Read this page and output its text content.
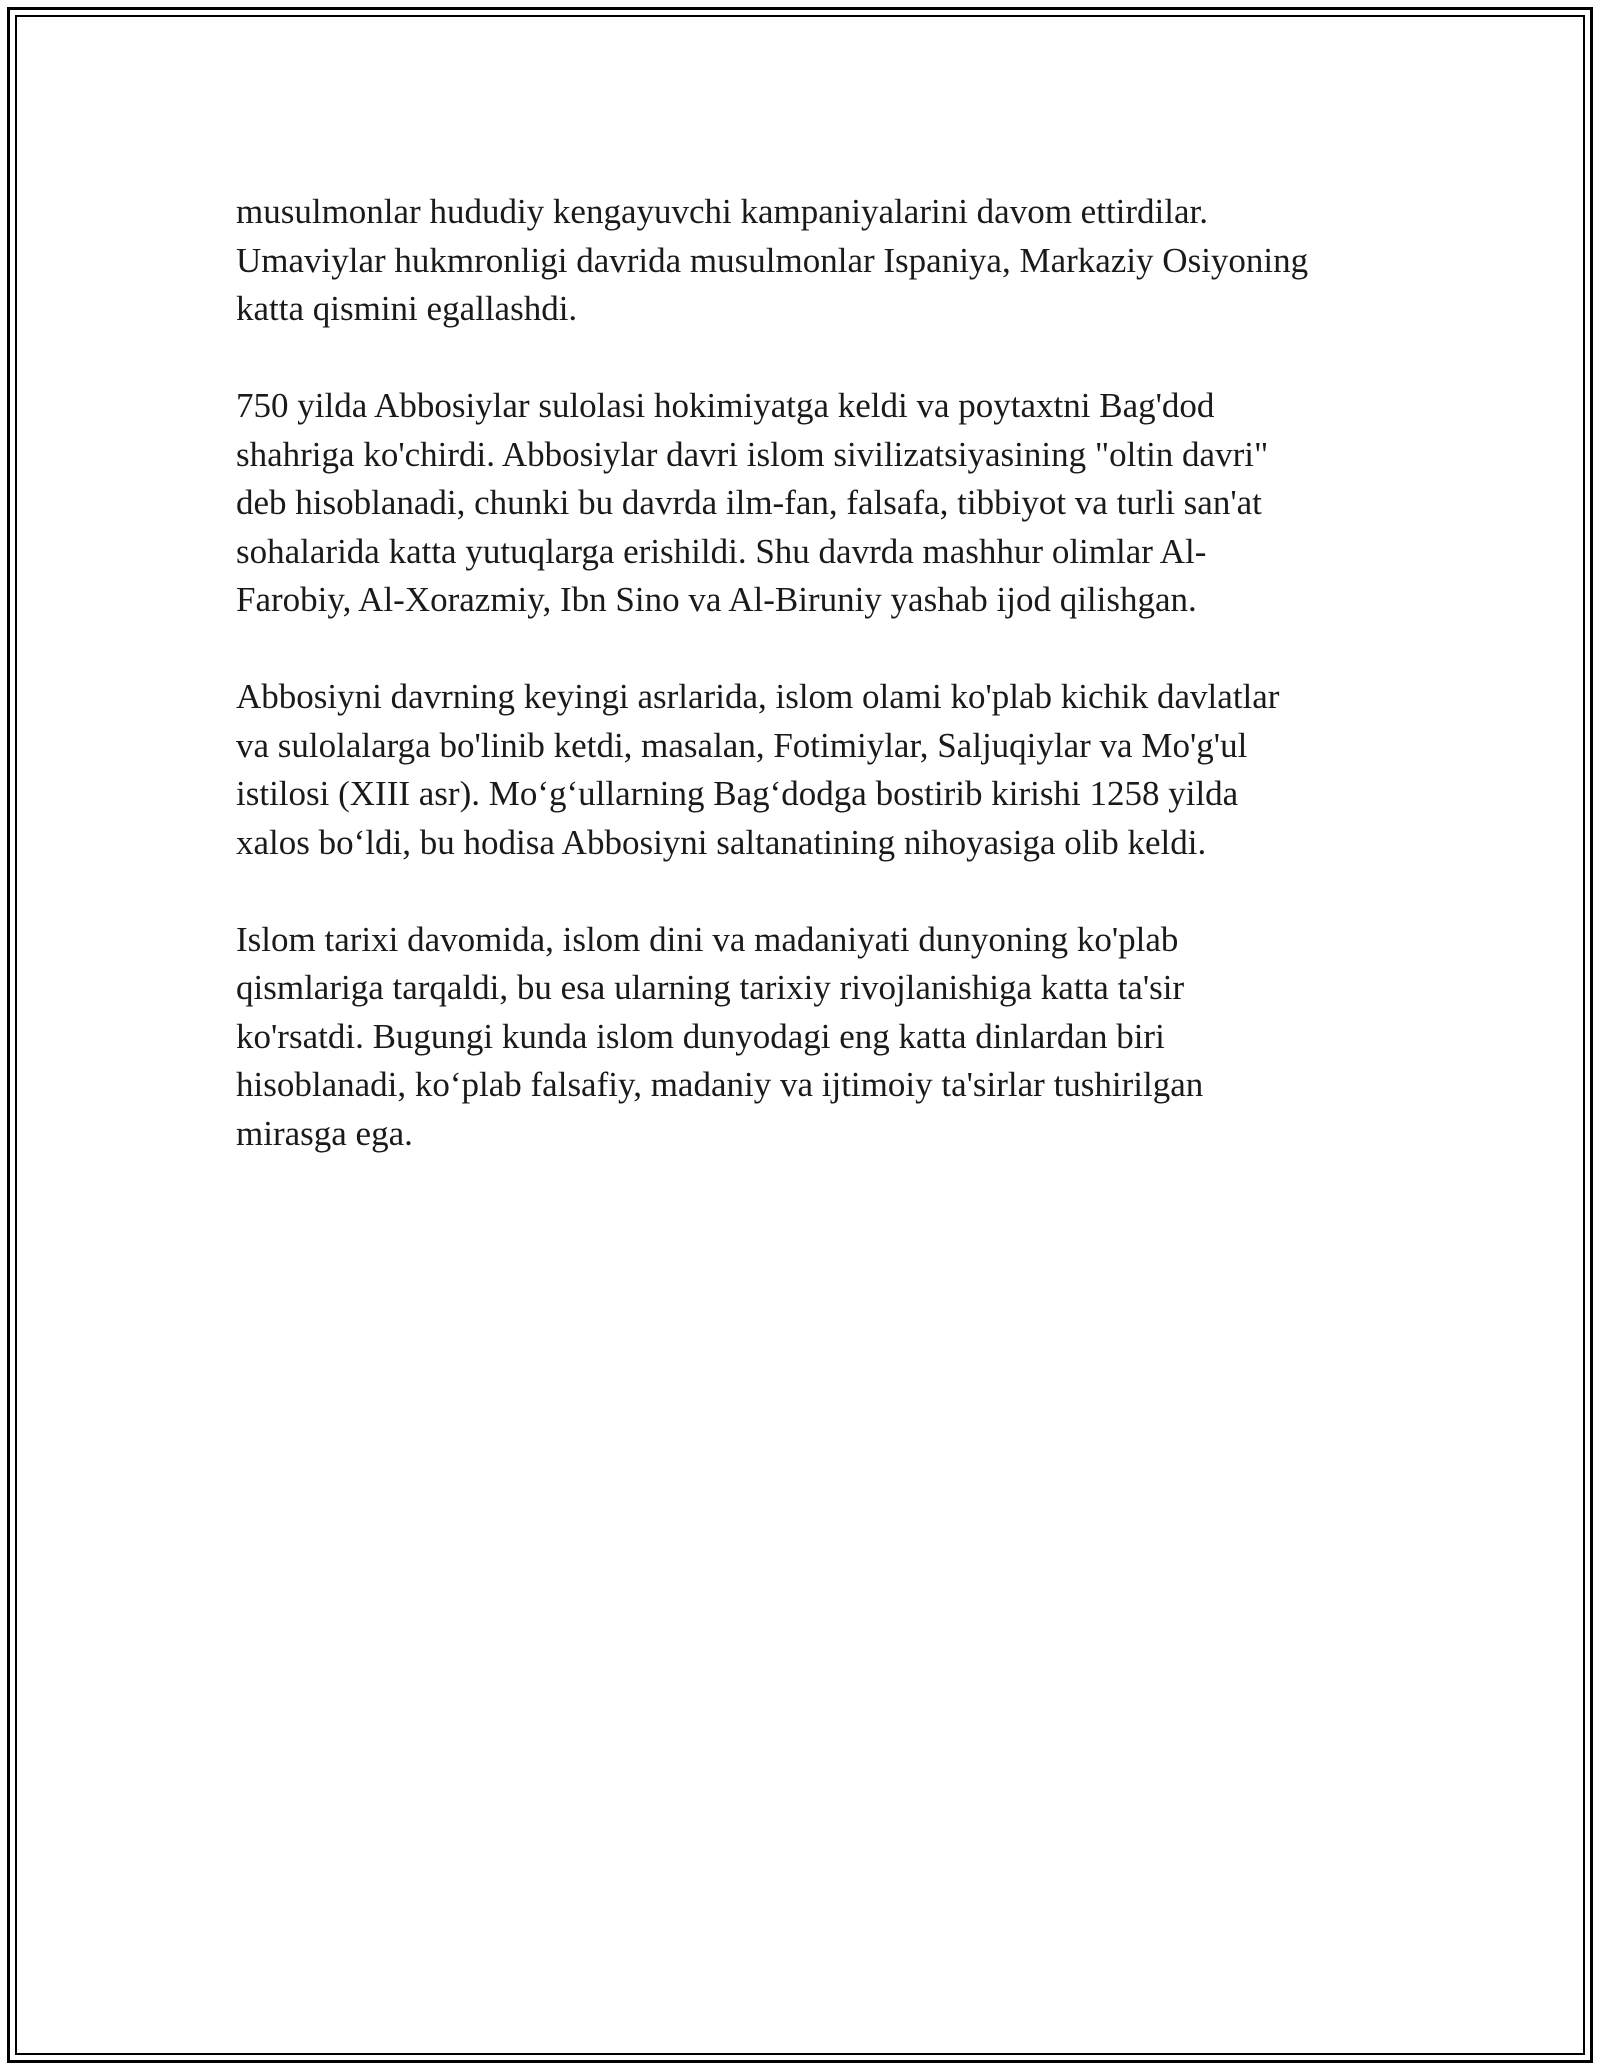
musulmonlar hududiy kengayuvchi kampaniyalarini davom ettirdilar.
Umaviylar hukmronligi davrida musulmonlar Ispaniya, Markaziy Osiyoning
katta qismini egallashdi.

750 yilda Abbosiylar sulolasi hokimiyatga keldi va poytaxtni Bag'dod
shahriga ko'chirdi. Abbosiylar davri islom sivilizatsiyasining "oltin davri"
deb hisoblanadi, chunki bu davrda ilm-fan, falsafa, tibbiyot va turli san'at
sohalarida katta yutuqlarga erishildi. Shu davrda mashhur olimlar Al-
Farobiy, Al-Xorazmiy, Ibn Sino va Al-Biruniy yashab ijod qilishgan.

Abbosiyni davrning keyingi asrlarida, islom olami ko'plab kichik davlatlar
va sulolalarga bo'linib ketdi, masalan, Fotimiylar, Saljuqiylar va Mo'g'ul
istilosi (XIII asr). Mo‘g‘ullarning Bag‘dodga bostirib kirishi 1258 yilda
xalos bo‘ldi, bu hodisa Abbosiyni saltanatining nihoyasiga olib keldi.

Islom tarixi davomida, islom dini va madaniyati dunyoning ko'plab
qismlariga tarqaldi, bu esa ularning tarixiy rivojlanishiga katta ta'sir
ko'rsatdi. Bugungi kunda islom dunyodagi eng katta dinlardan biri
hisoblanadi, ko‘plab falsafiy, madaniy va ijtimoiy ta'sirlar tushirilgan
mirasga ega.
